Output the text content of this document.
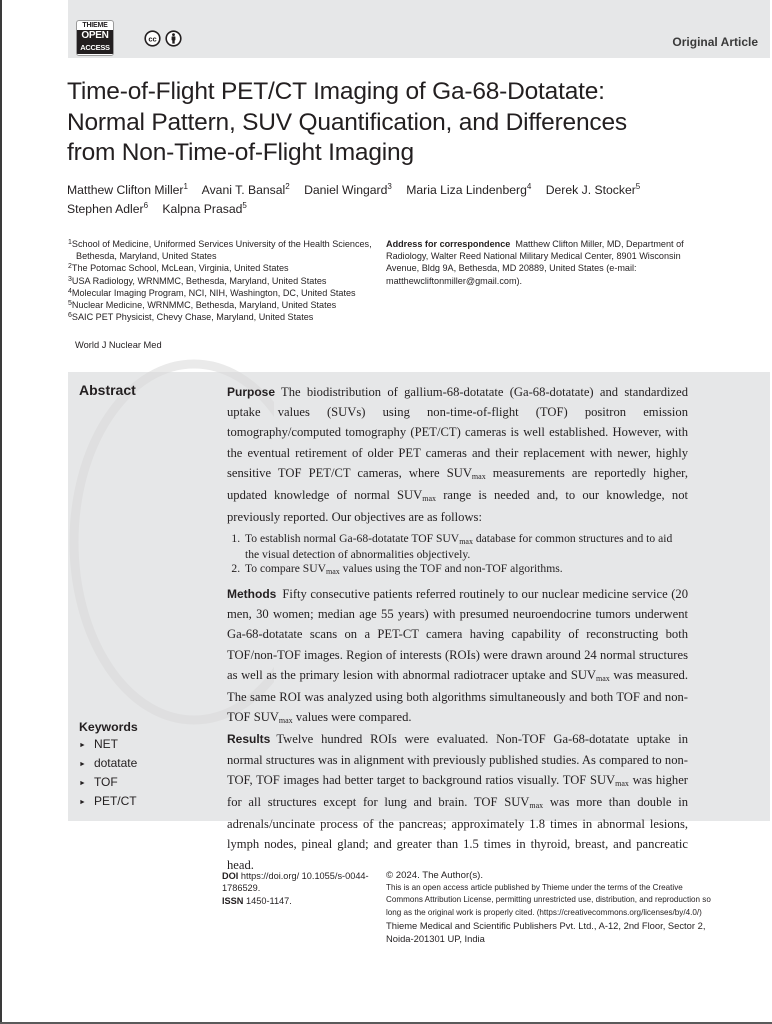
THIEME
OPEN
ACCESS
cc	Original Article
Time-of-Flight PET/CT Imaging of Ga-68-Dotatate:
Normal Pattern, SUV Quantification, and Differences
from Non-Time-of-Flight Imaging
Matthew Clifton Miller$^1$ Avani T. Bansal$^2$ Daniel Wingard$^3$ Maria Liza Lindenberg$^4$ Derek J. Stocker$^5$
Stephen Adler$^6$ Kalpna Prasad$^5$
$^1$School of Medicine, Uniformed Services University of the Health Sciences, Bethesda, Maryland, United States
$^2$The Potomac School, McLean, Virginia, United States
$^3$USA Radiology, WRNMMC, Bethesda, Maryland, United States
$^4$Molecular Imaging Program, NCI, NIH, Washington, DC, United States
$^5$Nuclear Medicine, WRNMMC, Bethesda, Maryland, United States
$^6$SAIC PET Physicist, Chevy Chase, Maryland, United States
World J Nuclear Med
Address for correspondence Matthew Clifton Miller, MD, Department of Radiology, Walter Reed National Military Medical Center, 8901 Wisconsin Avenue, Bldg 9A, Bethesda, MD 20889, United States (e-mail: matthewcliftonmiller@gmail.com).
Abstract
Keywords
► NET
► dotatate
► TOF
► PET/CT

Purpose The biodistribution of gallium-68-dotatate (Ga-68-dotatate) and standardized uptake values (SUVs) using non-time-of-flight (TOF) positron emission tomography/computed tomography (PET/CT) cameras is well established. However, with the eventual retirement of older PET cameras and their replacement with newer, highly sensitive TOF PET/CT cameras, where $SUV_{max}$ measurements are reportedly higher, updated knowledge of normal $SUV_{max}$ range is needed and, to our knowledge, not previously reported. Our objectives are as follows:

1. To establish normal Ga-68-dotatate TOF $SUV_{max}$ database for common structures and to aid the visual detection of abnormalities objectively.
2. To compare $SUV_{max}$ values using the TOF and non-TOF algorithms.

Methods Fifty consecutive patients referred routinely to our nuclear medicine service (20 men, 30 women; median age 55 years) with presumed neuroendocrine tumors underwent Ga-68-dotatate scans on a PET-CT camera having capability of reconstructing both TOF/non-TOF images. Region of interests (ROIs) were drawn around 24 normal structures as well as the primary lesion with abnormal radiotracer uptake and $SUV_{max}$ was measured. The same ROI was analyzed using both algorithms simultaneously and both TOF and non-TOF $SUV_{max}$ values were compared.

Results Twelve hundred ROIs were evaluated. Non-TOF Ga-68-dotatate uptake in normal structures was in alignment with previously published studies. As compared to non-TOF, TOF images had better target to background ratios visually. TOF $SUV_{max}$ was higher for all structures except for lung and brain. TOF $SUV_{max}$ was more than double in adrenals/uncinate process of the pancreas; approximately 1.8 times in abnormal lesions, lymph nodes, pineal gland; and greater than 1.5 times in thyroid, breast, and pancreatic head.

DOI https://doi.org/ 10.1055/s-0044-1786529.
ISSN 1450-1147.
© 2024. The Author(s).
This is an open access article published by Thieme under the terms of the Creative Commons Attribution License, permitting unrestricted use, distribution, and reproduction so long as the original work is properly cited. (https://creativecommons.org/licenses/by/4.0/)
Thieme Medical and Scientific Publishers Pvt. Ltd., A-12, 2nd Floor, Sector 2, Noida-201301 UP, India
